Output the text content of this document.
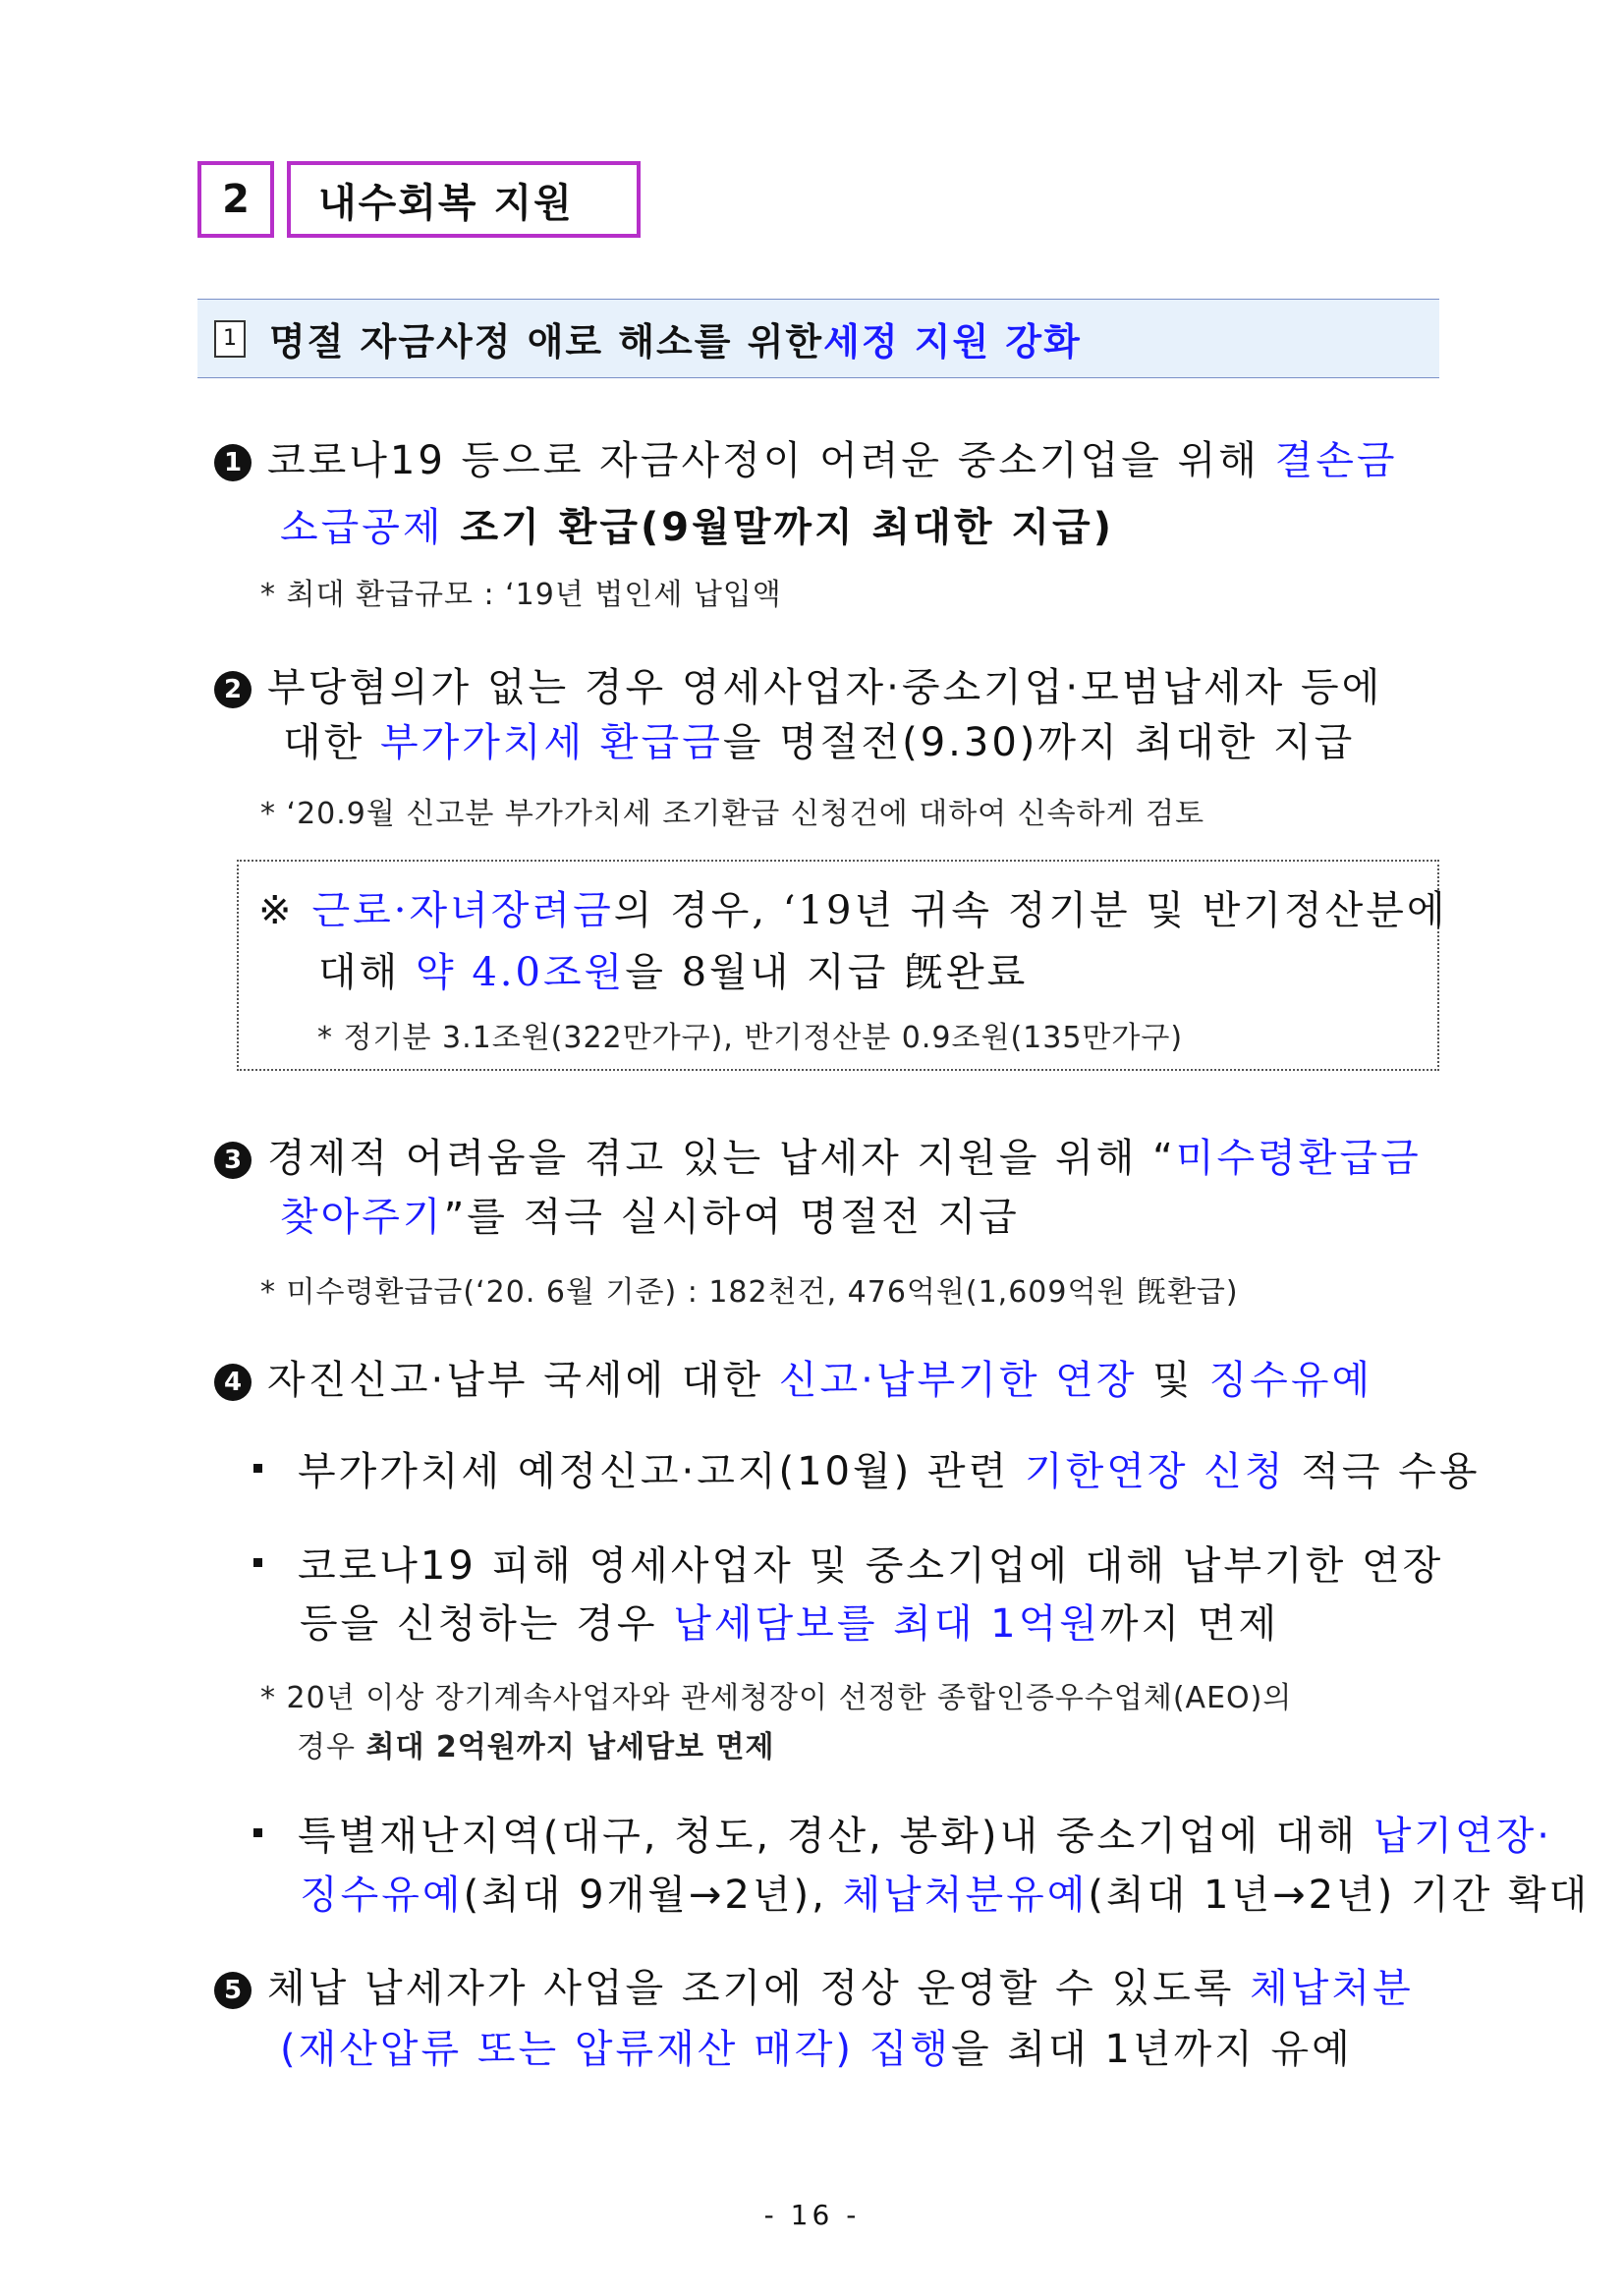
2	내수회복 지원
1 명절 자금사정 애로 해소를 위한 세정 지원 강화
1 코로나19 등으로 자금사정이 어려운 중소기업을 위해 결손금
소급공제 조기 환급(9월말까지 최대한 지급)
* 최대 환급규모 : ‘19년 법인세 납입액
2 부당혐의가 없는 경우 영세사업자·중소기업·모범납세자 등에
대한 부가가치세 환급금을 명절전(9.30)까지 최대한 지급
* ‘20.9월 신고분 부가가치세 조기환급 신청건에 대하여 신속하게 검토
※ 근로·자녀장려금의 경우, ‘19년 귀속 정기분 및 반기정산분에
대해 약 4.0조원을 8월내 지급 旣완료
* 정기분 3.1조원(322만가구), 반기정산분 0.9조원(135만가구)
3 경제적 어려움을 겪고 있는 납세자 지원을 위해 “미수령환급금
찾아주기”를 적극 실시하여 명절전 지급
* 미수령환급금(‘20. 6월 기준) : 182천건, 476억원(1,609억원 旣환급)
4 자진신고·납부 국세에 대한 신고·납부기한 연장 및 징수유예
부가가치세 예정신고·고지(10월) 관련 기한연장 신청 적극 수용
코로나19 피해 영세사업자 및 중소기업에 대해 납부기한 연장
등을 신청하는 경우 납세담보를 최대 1억원까지 면제
* 20년 이상 장기계속사업자와 관세청장이 선정한 종합인증우수업체(AEO)의
경우 최대 2억원까지 납세담보 면제
특별재난지역(대구, 청도, 경산, 봉화)내 중소기업에 대해 납기연장·
징수유예(최대 9개월→2년), 체납처분유예(최대 1년→2년) 기간 확대
5 체납 납세자가 사업을 조기에 정상 운영할 수 있도록 체납처분
(재산압류 또는 압류재산 매각) 집행을 최대 1년까지 유예
- 16 -
